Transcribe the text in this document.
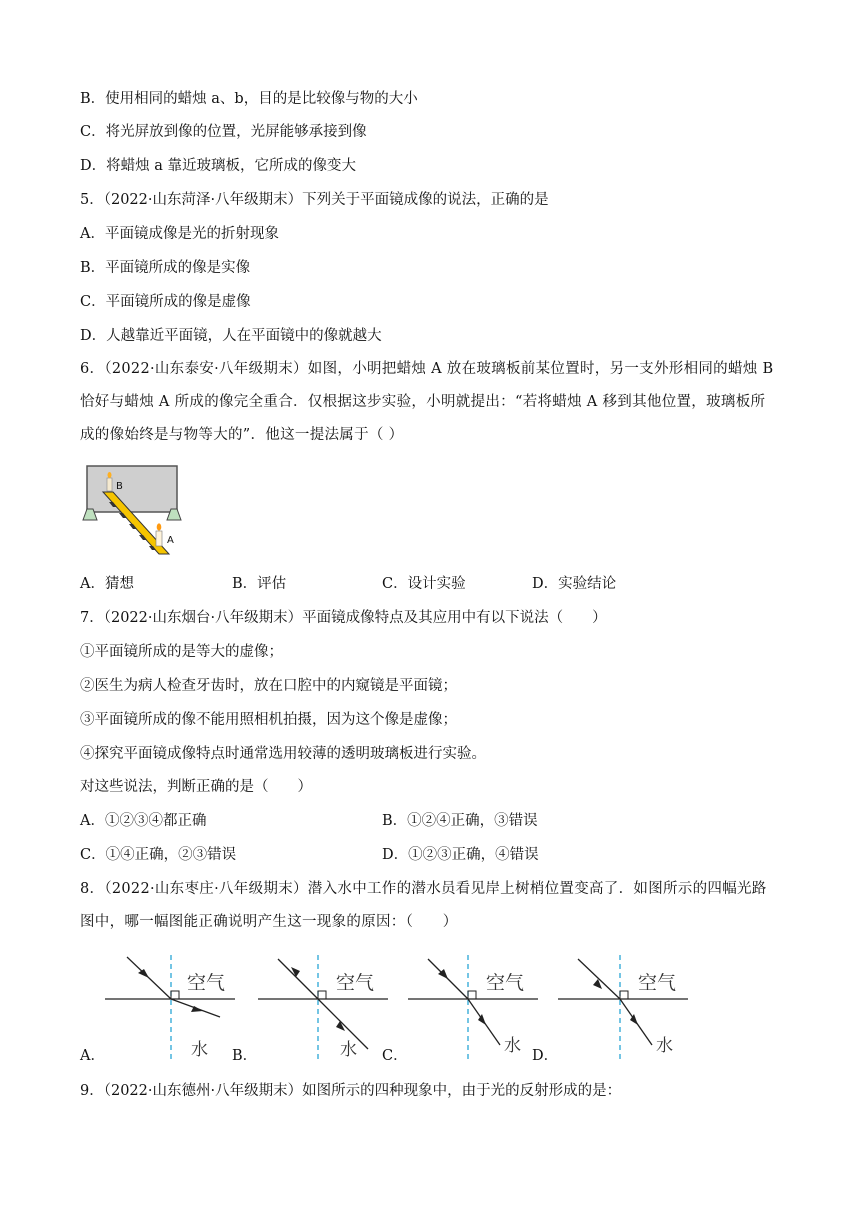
B．使用相同的蜡烛 a、b，目的是比较像与物的大小
C．将光屏放到像的位置，光屏能够承接到像
D．将蜡烛 a 靠近玻璃板，它所成的像变大
5．（2022·山东菏泽·八年级期末）下列关于平面镜成像的说法，正确的是
A．平面镜成像是光的折射现象
B．平面镜所成的像是实像
C．平面镜所成的像是虚像
D．人越靠近平面镜，人在平面镜中的像就越大
6．（2022·山东泰安·八年级期末）如图，小明把蜡烛 A 放在玻璃板前某位置时，另一支外形相同的蜡烛 B 恰好与蜡烛 A 所成的像完全重合．仅根据这步实验，小明就提出：“若将蜡烛 A 移到其他位置，玻璃板所成的像始终是与物等大的”．他这一提法属于（ ）
B
A
A．猜想	B．评估	C．设计实验	D．实验结论
7．（2022·山东烟台·八年级期末）平面镜成像特点及其应用中有以下说法（　　）
①平面镜所成的是等大的虚像；
②医生为病人检查牙齿时，放在口腔中的内窥镜是平面镜；
③平面镜所成的像不能用照相机拍摄，因为这个像是虚像；
④探究平面镜成像特点时通常选用较薄的透明玻璃板进行实验。
对这些说法，判断正确的是（　　）
A．①②③④都正确	B．①②④正确，③错误
C．①④正确，②③错误	D．①②③正确，④错误
8．（2022·山东枣庄·八年级期末）潜入水中工作的潜水员看见岸上树梢位置变高了．如图所示的四幅光路图中，哪一幅图能正确说明产生这一现象的原因：（　　）
空气
水
A．
空气
水
B．
空气
水
C．
空气
水
D．
9．（2022·山东德州·八年级期末）如图所示的四种现象中，由于光的反射形成的是：
